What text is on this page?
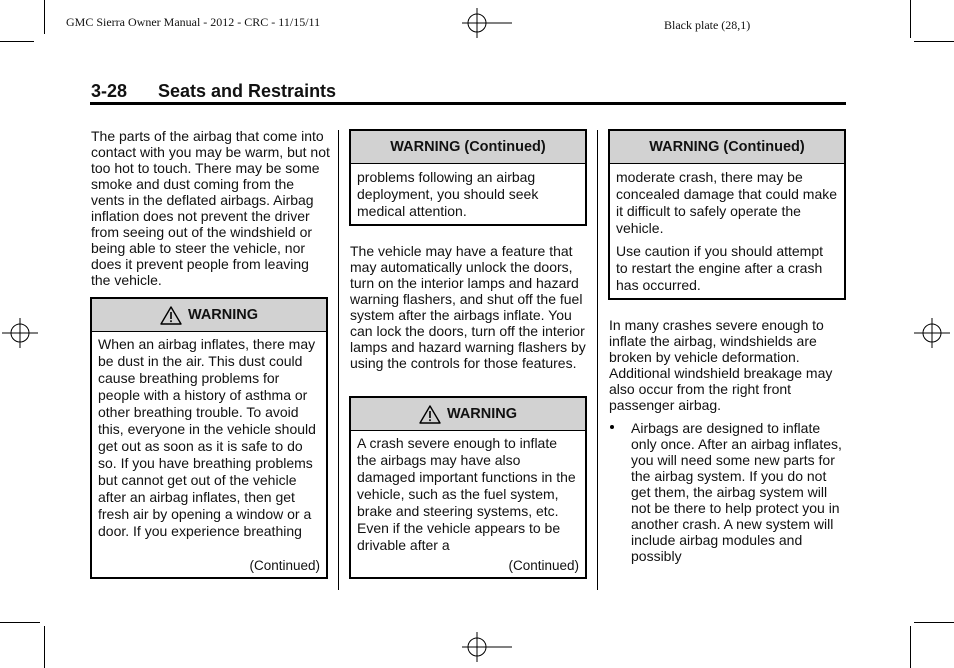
GMC Sierra Owner Manual - 2012 - CRC - 11/15/11	Black plate (28,1)
3-28 Seats and Restraints
The parts of the airbag that come into contact with you may be warm, but not too hot to touch. There may be some smoke and dust coming from the vents in the deflated airbags. Airbag inflation does not prevent the driver from seeing out of the windshield or being able to steer the vehicle, nor does it prevent people from leaving the vehicle.
WARNING
When an airbag inflates, there may be dust in the air. This dust could cause breathing problems for people with a history of asthma or other breathing trouble. To avoid this, everyone in the vehicle should get out as soon as it is safe to do so. If you have breathing problems but cannot get out of the vehicle after an airbag inflates, then get fresh air by opening a window or a door. If you experience breathing
(Continued)
WARNING (Continued)
problems following an airbag deployment, you should seek medical attention.
The vehicle may have a feature that may automatically unlock the doors, turn on the interior lamps and hazard warning flashers, and shut off the fuel system after the airbags inflate. You can lock the doors, turn off the interior lamps and hazard warning flashers by using the controls for those features.
WARNING
A crash severe enough to inflate the airbags may have also damaged important functions in the vehicle, such as the fuel system, brake and steering systems, etc. Even if the vehicle appears to be drivable after a
(Continued)
WARNING (Continued)
moderate crash, there may be concealed damage that could make it difficult to safely operate the vehicle.
Use caution if you should attempt to restart the engine after a crash has occurred.
In many crashes severe enough to inflate the airbag, windshields are broken by vehicle deformation. Additional windshield breakage may also occur from the right front passenger airbag.
Airbags are designed to inflate only once. After an airbag inflates, you will need some new parts for the airbag system. If you do not get them, the airbag system will not be there to help protect you in another crash. A new system will include airbag modules and possibly
